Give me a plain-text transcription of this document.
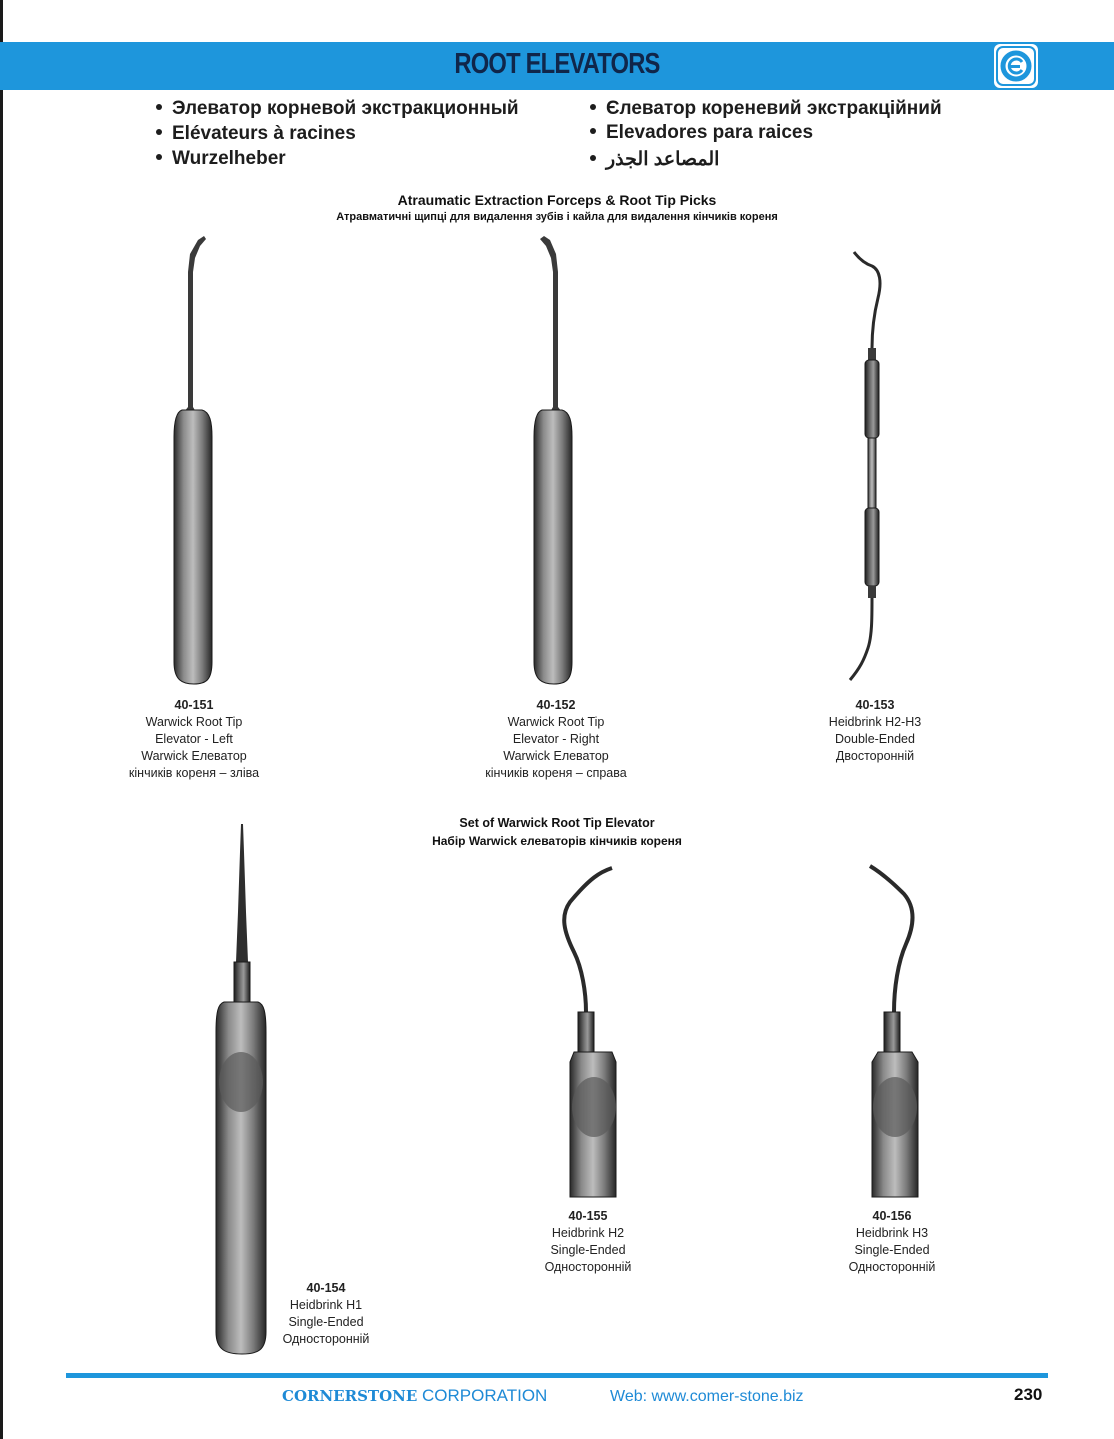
ROOT ELEVATORS
Элеватор корневой экстракционный
Elévateurs à racines
Wurzelheber
Єлеватор кореневий экстракційний
Elevadores para raices
المصاعد الجذر
Atraumatic Extraction Forceps & Root Tip Picks
Атравматичні щипці для видалення зубів і кайла для видалення кінчиків кореня
40-151
Warwick Root Tip
Elevator - Left
Warwick Елеватор
кінчиків кореня – зліва
40-152
Warwick Root Tip
Elevator - Right
Warwick Елеватор
кінчиків кореня – справа
40-153
Heidbrink H2-H3
Double-Ended
Двосторонній
Set of Warwick Root Tip Elevator
Набір Warwick елеваторів кінчиків кореня
40-154
Heidbrink H1
Single-Ended
Односторонній
40-155
Heidbrink H2
Single-Ended
Односторонній
40-156
Heidbrink H3
Single-Ended
Односторонній
CORNERSTONE CORPORATION	Web: www.comer-stone.biz	230
